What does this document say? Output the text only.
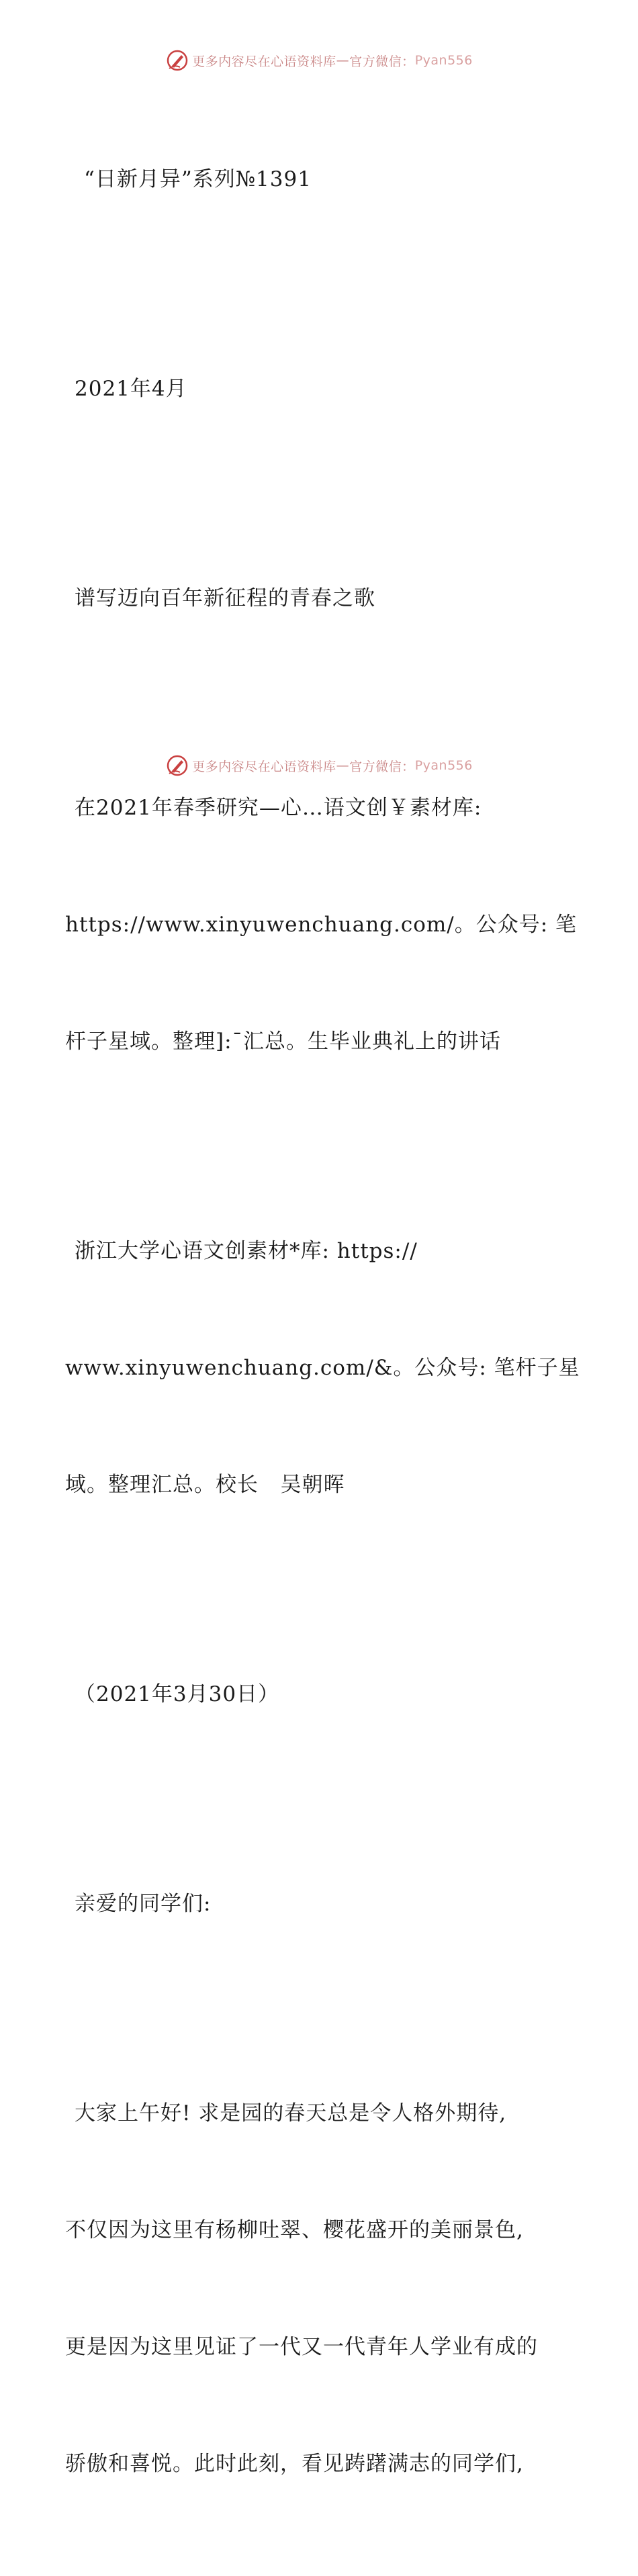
更多内容尽在心语资料库 — 官方微信： Pyan556

“日新月异”系列№1391

2021年4月

谱写迈向百年新征程的青春之歌

在2021年春季研究—心…语文创￥素材库:

https://www.xinyuwenchuang.com/。公众号: 笔

杆子星域。整理]:¯汇总。生毕业典礼上的讲话

浙江大学心语文创素材*库: https://

www.xinyuwenchuang.com/&。公众号: 笔杆子星

域。整理汇总。校长   吴朝晖

（2021年3月30日）

亲爱的同学们:

大家上午好! 求是园的春天总是令人格外期待,

不仅因为这里有杨柳吐翠、樱花盛开的美丽景色,

更是因为这里见证了一代又一代青年人学业有成的

骄傲和喜悦。此时此刻，看见踌躇满志的同学们,

更多内容尽在心语资料库 — 官方微信： Pyan556
